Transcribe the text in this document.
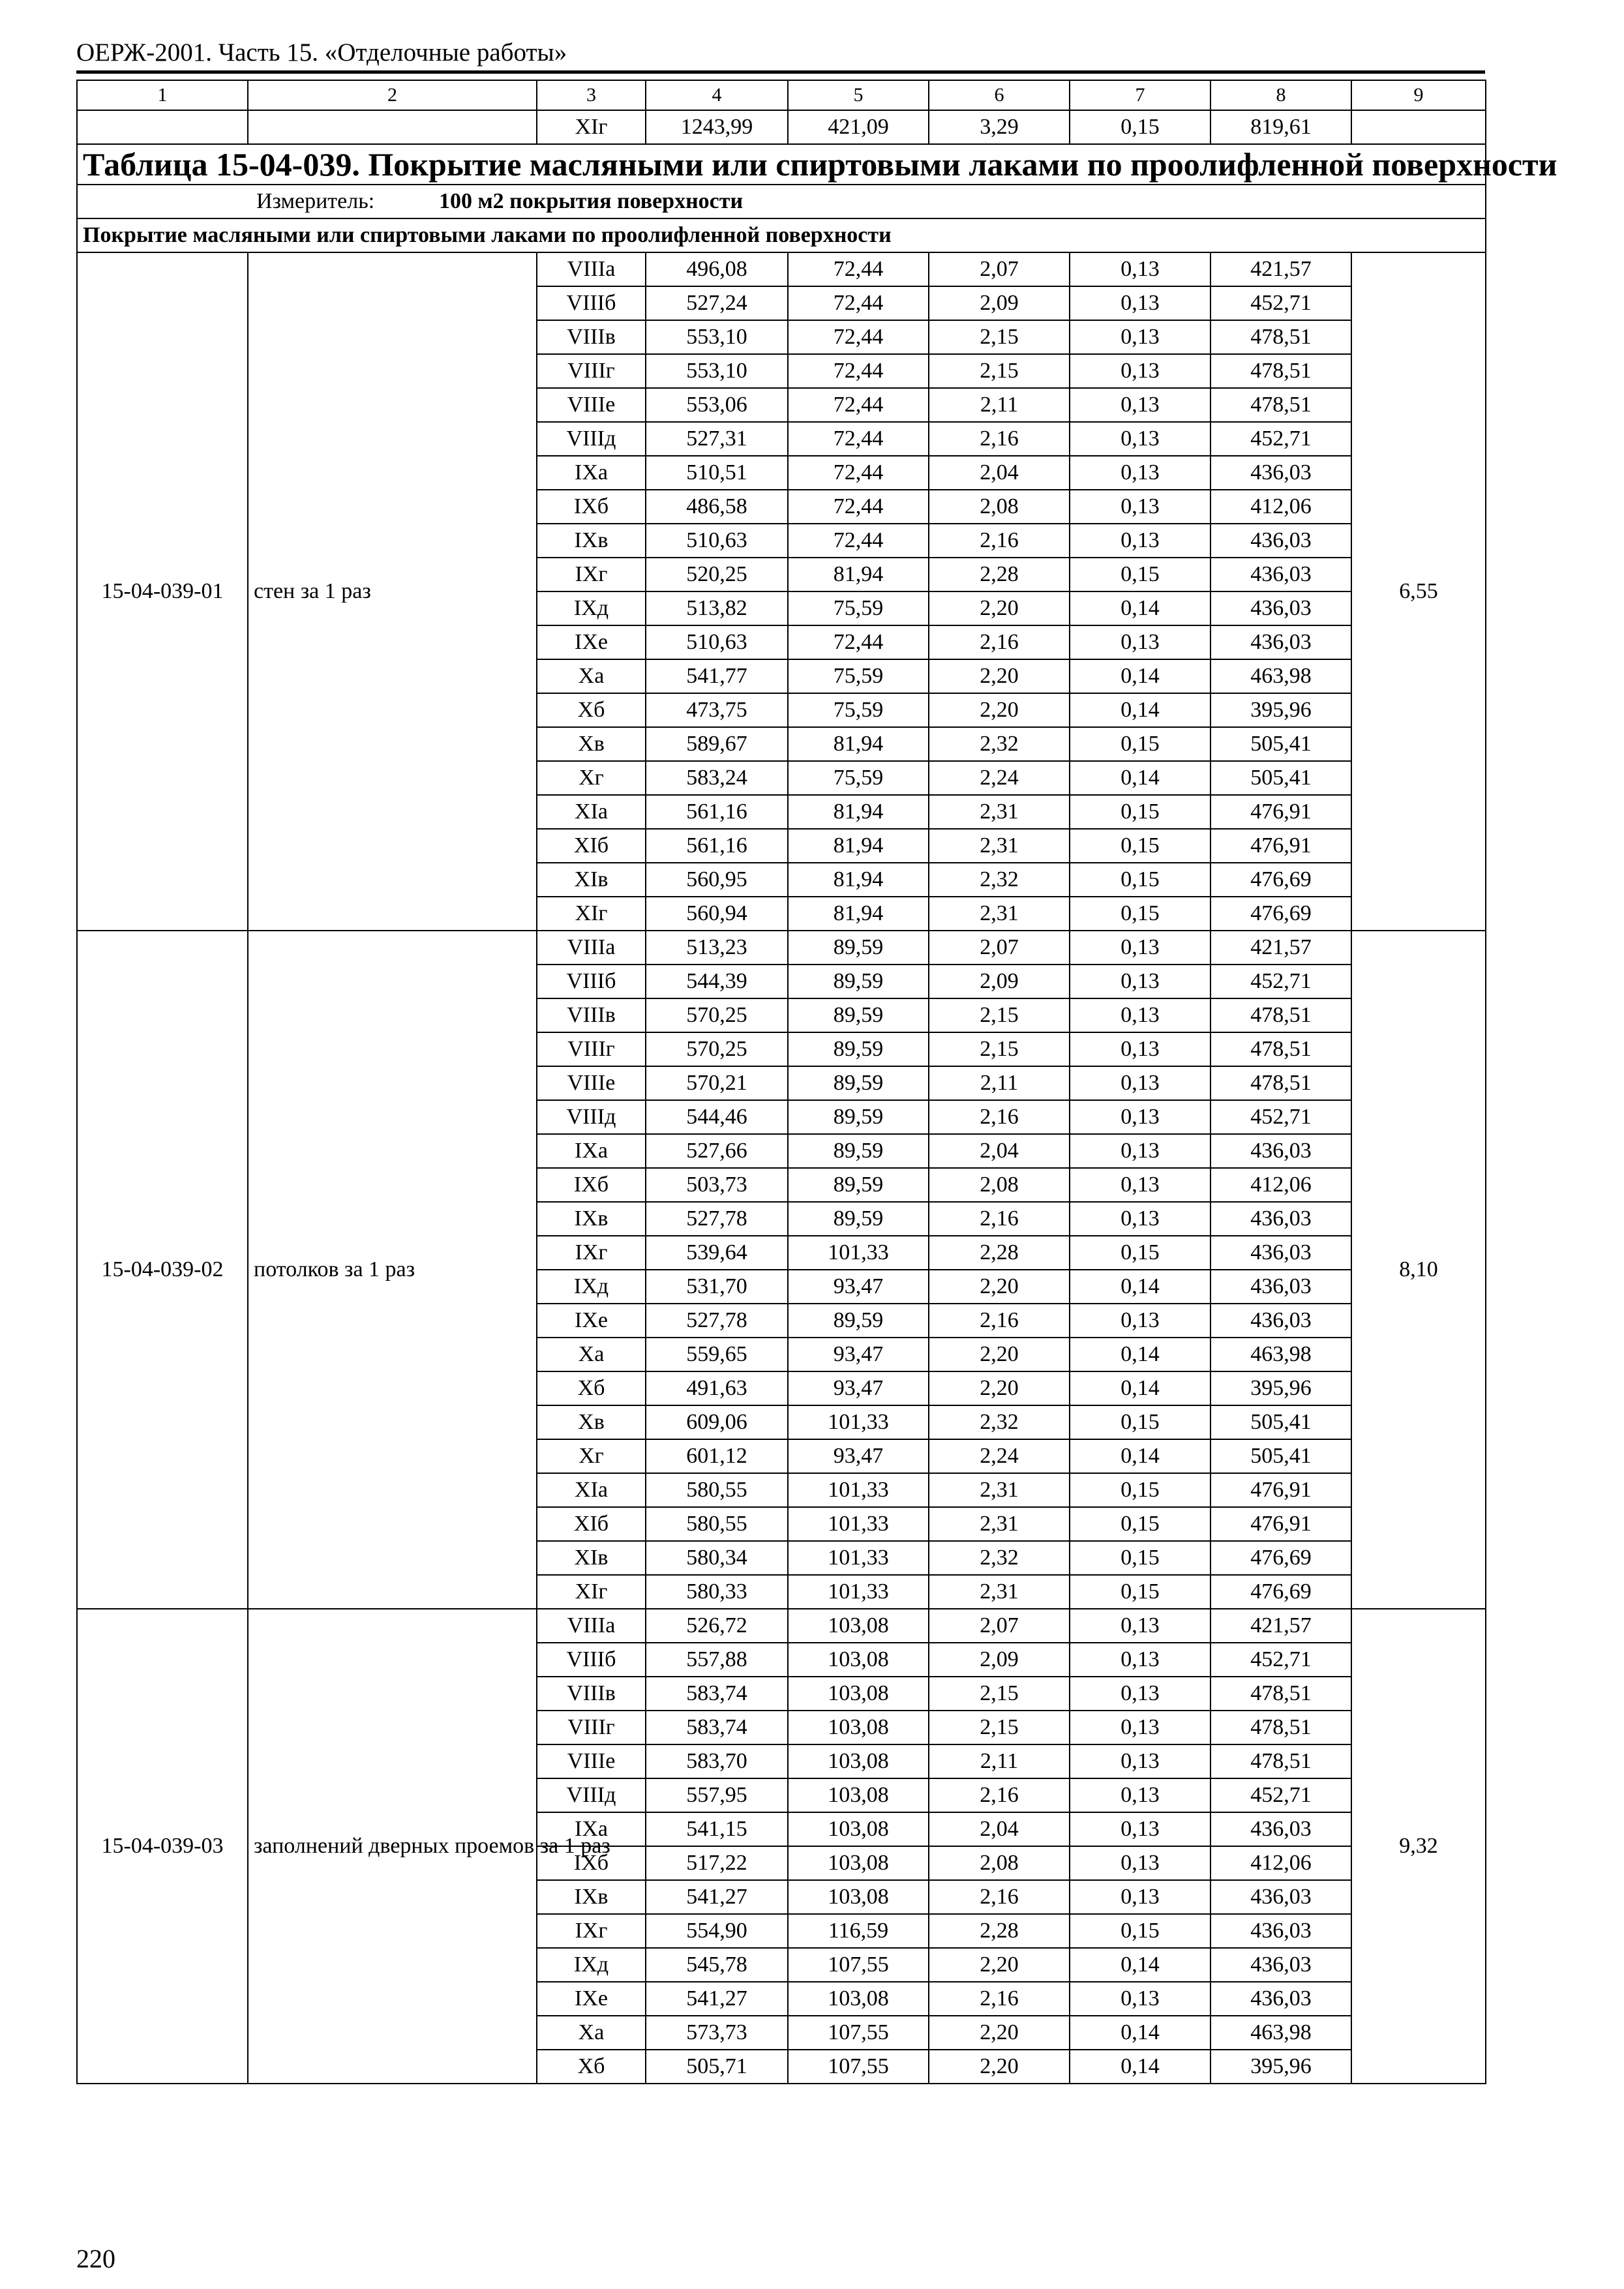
ОЕРЖ-2001. Часть 15. «Отделочные работы»
1	2	3	4	5	6	7	8	9
		XIг	1243,99	421,09	3,29	0,15	819,61	
Таблица 15-04-039. Покрытие масляными или спиртовыми лаками по проолифленной поверхности								
Измеритель: 100 м2 покрытия поверхности								
Покрытие масляными или спиртовыми лаками по проолифленной поверхности								
15-04-039-01	стен за 1 раз	VIIIа	496,08	72,44	2,07	0,13	421,57	6,55
		VIIIб	527,24	72,44	2,09	0,13	452,71	
		VIIIв	553,10	72,44	2,15	0,13	478,51	
		VIIIг	553,10	72,44	2,15	0,13	478,51	
		VIIIе	553,06	72,44	2,11	0,13	478,51	
		VIIIд	527,31	72,44	2,16	0,13	452,71	
		IXа	510,51	72,44	2,04	0,13	436,03	
		IXб	486,58	72,44	2,08	0,13	412,06	
		IXв	510,63	72,44	2,16	0,13	436,03	
		IXг	520,25	81,94	2,28	0,15	436,03	
		IXд	513,82	75,59	2,20	0,14	436,03	
		IXе	510,63	72,44	2,16	0,13	436,03	
		Xа	541,77	75,59	2,20	0,14	463,98	
		Xб	473,75	75,59	2,20	0,14	395,96	
		Xв	589,67	81,94	2,32	0,15	505,41	
		Xг	583,24	75,59	2,24	0,14	505,41	
		XIа	561,16	81,94	2,31	0,15	476,91	
		XIб	561,16	81,94	2,31	0,15	476,91	
		XIв	560,95	81,94	2,32	0,15	476,69	
		XIг	560,94	81,94	2,31	0,15	476,69	
15-04-039-02	потолков за 1 раз	VIIIа	513,23	89,59	2,07	0,13	421,57	8,10
		VIIIб	544,39	89,59	2,09	0,13	452,71	
		VIIIв	570,25	89,59	2,15	0,13	478,51	
		VIIIг	570,25	89,59	2,15	0,13	478,51	
		VIIIе	570,21	89,59	2,11	0,13	478,51	
		VIIIд	544,46	89,59	2,16	0,13	452,71	
		IXа	527,66	89,59	2,04	0,13	436,03	
		IXб	503,73	89,59	2,08	0,13	412,06	
		IXв	527,78	89,59	2,16	0,13	436,03	
		IXг	539,64	101,33	2,28	0,15	436,03	
		IXд	531,70	93,47	2,20	0,14	436,03	
		IXе	527,78	89,59	2,16	0,13	436,03	
		Xа	559,65	93,47	2,20	0,14	463,98	
		Xб	491,63	93,47	2,20	0,14	395,96	
		Xв	609,06	101,33	2,32	0,15	505,41	
		Xг	601,12	93,47	2,24	0,14	505,41	
		XIа	580,55	101,33	2,31	0,15	476,91	
		XIб	580,55	101,33	2,31	0,15	476,91	
		XIв	580,34	101,33	2,32	0,15	476,69	
		XIг	580,33	101,33	2,31	0,15	476,69	
15-04-039-03	заполнений дверных проемов за 1 раз	VIIIа	526,72	103,08	2,07	0,13	421,57	9,32
		VIIIб	557,88	103,08	2,09	0,13	452,71	
		VIIIв	583,74	103,08	2,15	0,13	478,51	
		VIIIг	583,74	103,08	2,15	0,13	478,51	
		VIIIе	583,70	103,08	2,11	0,13	478,51	
		VIIIд	557,95	103,08	2,16	0,13	452,71	
		IXа	541,15	103,08	2,04	0,13	436,03	
		IXб	517,22	103,08	2,08	0,13	412,06	
		IXв	541,27	103,08	2,16	0,13	436,03	
		IXг	554,90	116,59	2,28	0,15	436,03	
		IXд	545,78	107,55	2,20	0,14	436,03	
		IXе	541,27	103,08	2,16	0,13	436,03	
		Xа	573,73	107,55	2,20	0,14	463,98	
		Xб	505,71	107,55	2,20	0,14	395,96	
220
